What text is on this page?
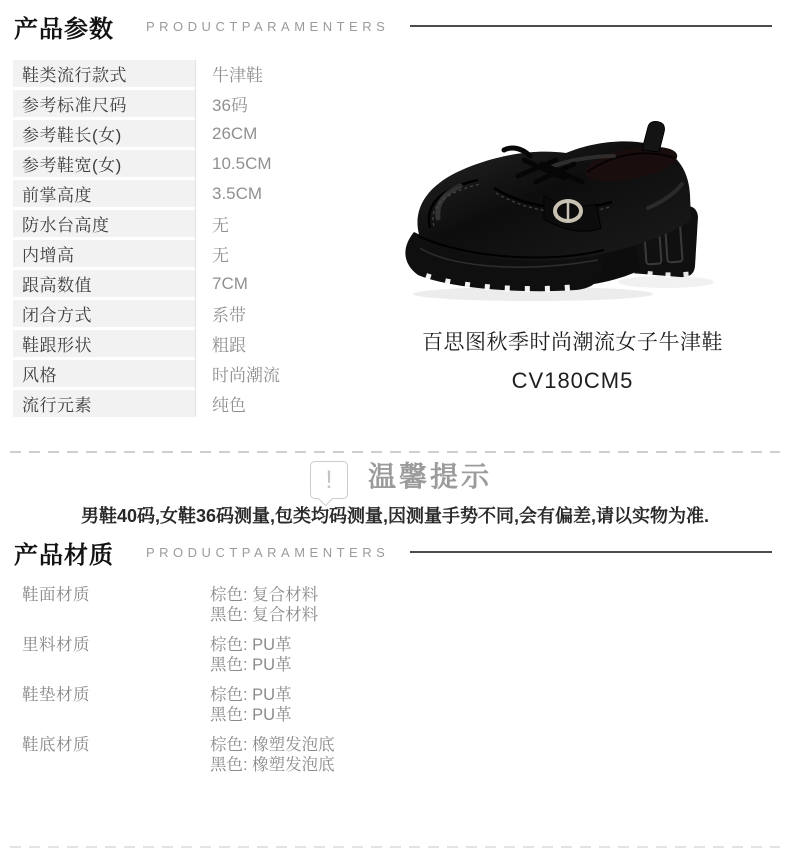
产品参数 PRODUCTPARAMENTERS
鞋类流行款式	牛津鞋
参考标准尺码	36码
参考鞋长(女)	26CM
参考鞋宽(女)	10.5CM
前掌高度	3.5CM
防水台高度	无
内增高	无
跟高数值	7CM
闭合方式	系带
鞋跟形状	粗跟
风格	时尚潮流
流行元素	纯色
百思图秋季时尚潮流女子牛津鞋
CV180CM5
! 温馨提示
男鞋40码,女鞋36码测量,包类均码测量,因测量手势不同,会有偏差,请以实物为准.
产品材质 PRODUCTPARAMENTERS
鞋面材质	棕色: 复合材料
黑色: 复合材料
里料材质	棕色: PU革
黑色: PU革
鞋垫材质	棕色: PU革
黑色: PU革
鞋底材质	棕色: 橡塑发泡底
黑色: 橡塑发泡底
